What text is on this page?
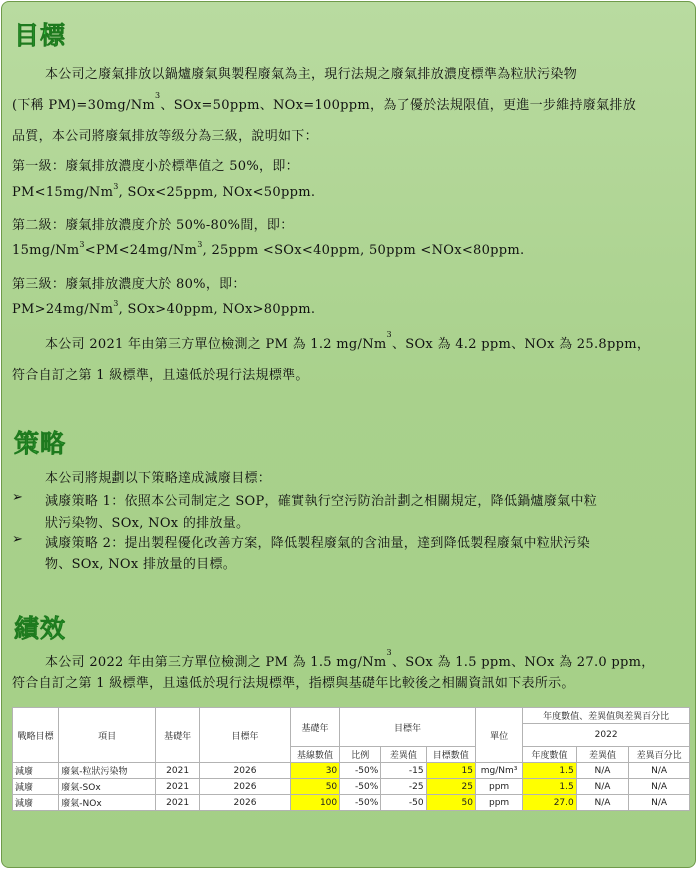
目標
本公司之廢氣排放以鍋爐廢氣與製程廢氣為主，現行法規之廢氣排放濃度標準為粒狀污染物
(下稱 $PM)=30mg/Nm^3$、SOx=50ppm、NOx=100ppm，為了優於法規限值，更進一步維持廢氣排放
品質，本公司將廢氣排放等级分為三級，說明如下：
第一級：廢氣排放濃度小於標準值之 50%，即：
$PM<15mg/Nm^3$, SOx<25ppm, NOx<50ppm.
第二級：廢氣排放濃度介於 50%-80%間，即：
$15mg/Nm^3<PM<24mg/Nm^3$, 25ppm <SOx<40ppm, 50ppm <NOx<80ppm.
第三級：廢氣排放濃度大於 80%，即：
$PM>24mg/Nm^3$, SOx>40ppm, NOx>80ppm.
本公司 2021 年由第三方單位檢測之 PM 為 1.2 mg/Nm$^3$、SOx 為 4.2 ppm、NOx 為 25.8ppm，
符合自訂之第 1 級標準，且遠低於現行法規標準。
策略
本公司將規劃以下策略達成減廢目標：
➢ 減廢策略 1：依照本公司制定之 SOP，確實執行空污防治計劃之相關規定，降低鍋爐廢氣中粒
狀污染物、SOx, NOx 的排放量。
➢ 減廢策略 2：提出製程優化改善方案，降低製程廢氣的含油量，達到降低製程廢氣中粒狀污染
物、SOx, NOx 排放量的目標。
績效
本公司 2022 年由第三方單位檢測之 PM 為 1.5 mg/Nm$^3$、SOx 為 1.5 ppm、NOx 為 27.0 ppm，
符合自訂之第 1 級標準，且遠低於現行法規標準，指標與基礎年比較後之相關資訊如下表所示。
戰略目標	項目	基礎年	目標年	基礎年	目標年			單位	年度數值、差異值與差異百分比		
									2022		
				基線數值	比例	差異值	目標數值		年度數值	差異值	差異百分比
減廢	廢氣-粒狀污染物	2021	2026	30	-50%	-15	15	mg/Nm³	1.5	N/A	N/A
減廢	廢氣-SOx	2021	2026	50	-50%	-25	25	ppm	1.5	N/A	N/A
減廢	廢氣-NOx	2021	2026	100	-50%	-50	50	ppm	27.0	N/A	N/A
